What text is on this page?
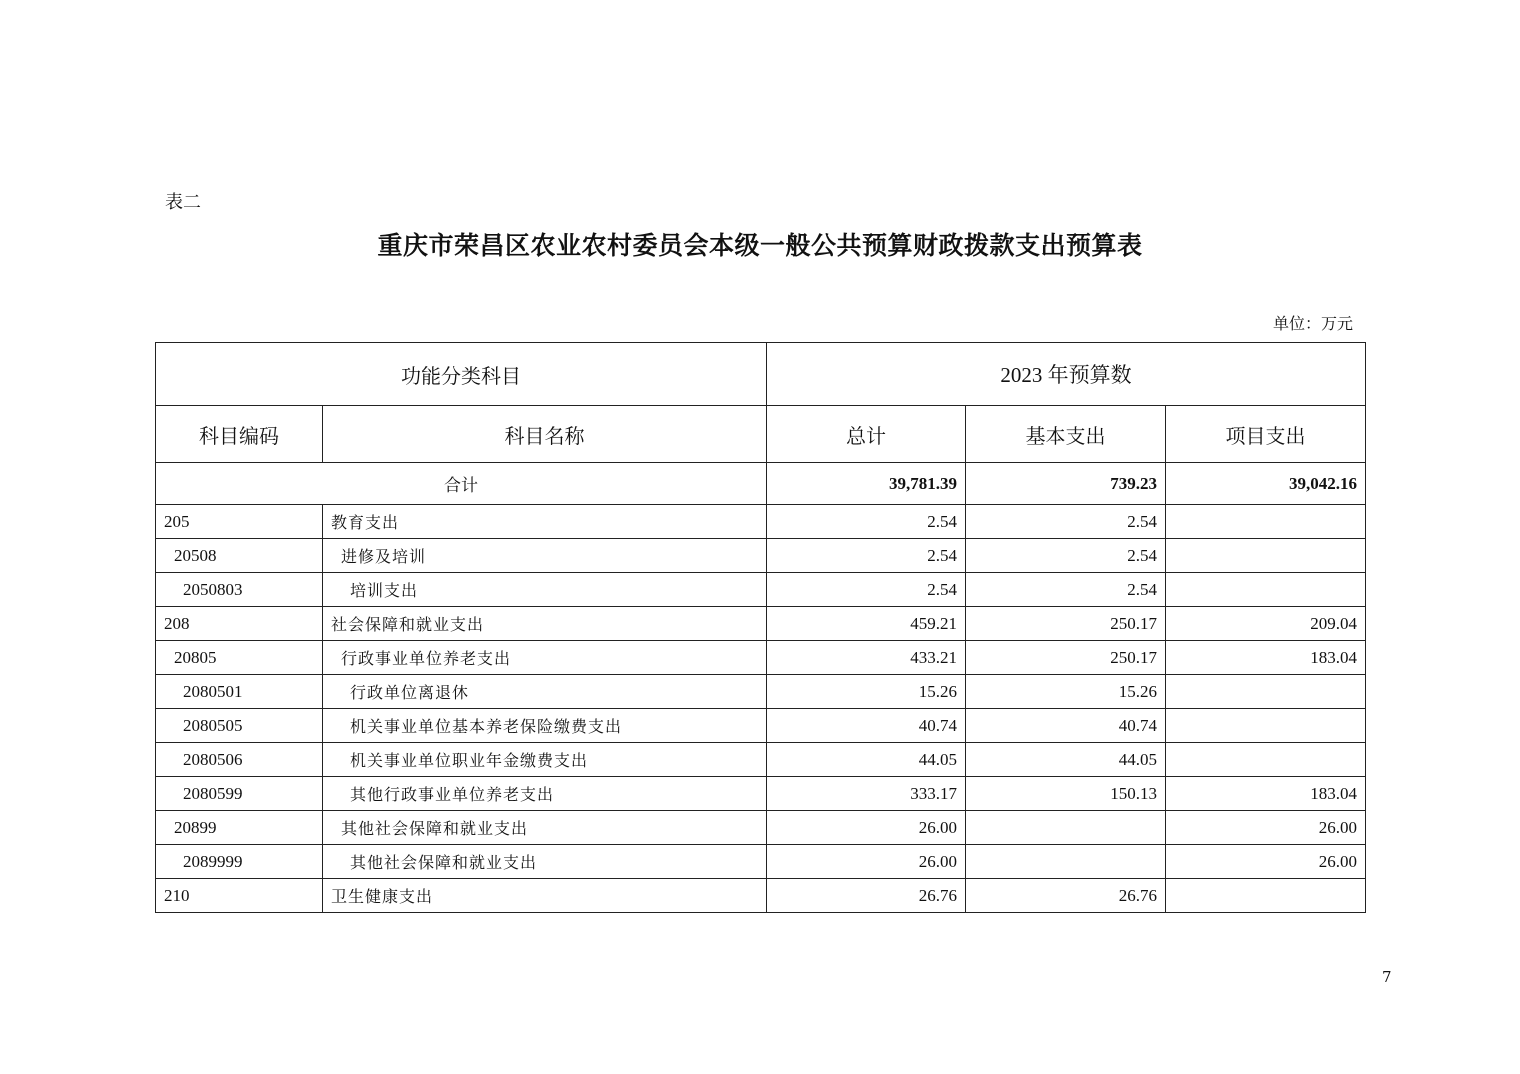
表二
重庆市荣昌区农业农村委员会本级一般公共预算财政拨款支出预算表
单位：万元
功能分类科目		2023 年预算数		
科目编码	科目名称	总计	基本支出	项目支出
合计		39,781.39	739.23	39,042.16
205	教育支出	2.54	2.54	
20508	进修及培训	2.54	2.54	
2050803	培训支出	2.54	2.54	
208	社会保障和就业支出	459.21	250.17	209.04
20805	行政事业单位养老支出	433.21	250.17	183.04
2080501	行政单位离退休	15.26	15.26	
2080505	机关事业单位基本养老保险缴费支出	40.74	40.74	
2080506	机关事业单位职业年金缴费支出	44.05	44.05	
2080599	其他行政事业单位养老支出	333.17	150.13	183.04
20899	其他社会保障和就业支出	26.00		26.00
2089999	其他社会保障和就业支出	26.00		26.00
210	卫生健康支出	26.76	26.76	
7
